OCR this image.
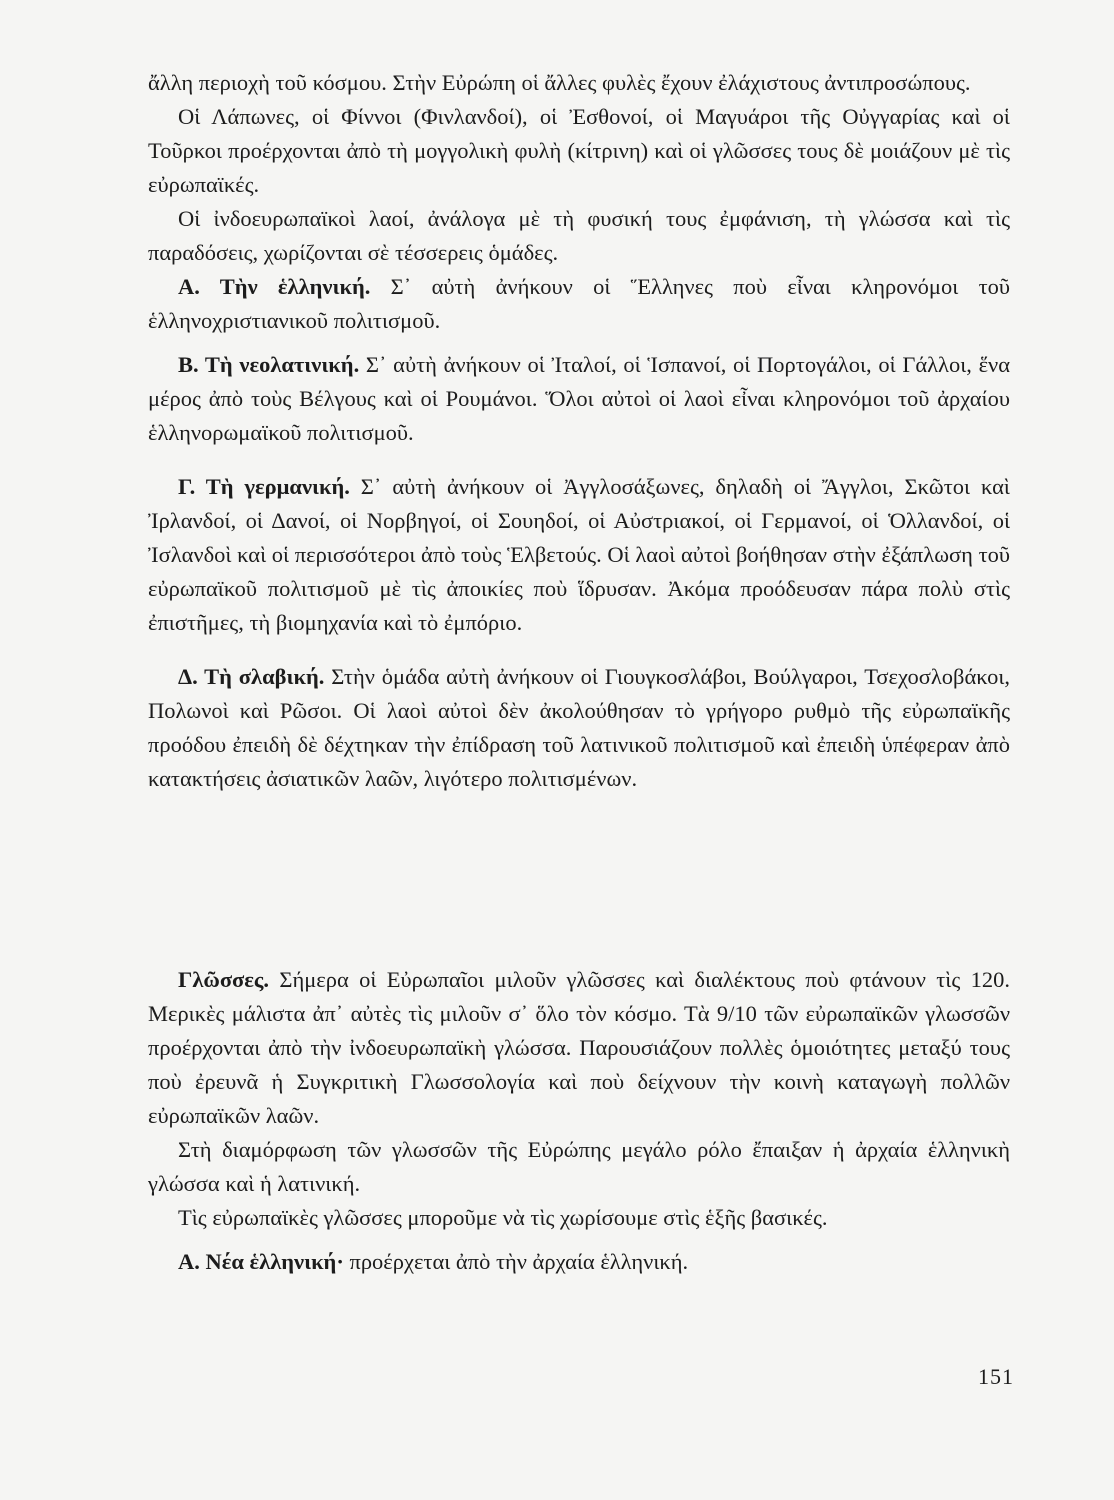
ἄλλη περιοχὴ τοῦ κόσμου. Στὴν Εὐρώπη οἱ ἄλλες φυλὲς ἔχουν ἐλάχιστους ἀντιπροσώπους.

Οἱ Λάπωνες, οἱ Φίννοι (Φινλανδοί), οἱ Ἐσθονοί, οἱ Μαγυάροι τῆς Οὐγγαρίας καὶ οἱ Τοῦρκοι προέρχονται ἀπὸ τὴ μογγολικὴ φυλὴ (κίτρινη) καὶ οἱ γλῶσσες τους δὲ μοιάζουν μὲ τὶς εὐρωπαϊκές.

Οἱ ἰνδοευρωπαϊκοὶ λαοί, ἀνάλογα μὲ τὴ φυσική τους ἐμφάνιση, τὴ γλώσσα καὶ τὶς παραδόσεις, χωρίζονται σὲ τέσσερεις ὁμάδες.

Α. Τὴν ἑλληνική. Σ᾽ αὐτὴ ἀνήκουν οἱ Ἕλληνες ποὺ εἶναι κληρονόμοι τοῦ ἑλληνοχριστιανικοῦ πολιτισμοῦ.

Β. Τὴ νεολατινική. Σ᾽ αὐτὴ ἀνήκουν οἱ Ἰταλοί, οἱ Ἱσπανοί, οἱ Πορτογάλοι, οἱ Γάλλοι, ἕνα μέρος ἀπὸ τοὺς Βέλγους καὶ οἱ Ρουμάνοι. Ὅλοι αὐτοὶ οἱ λαοὶ εἶναι κληρονόμοι τοῦ ἀρχαίου ἑλληνορωμαϊκοῦ πολιτισμοῦ.

Γ. Τὴ γερμανική. Σ᾽ αὐτὴ ἀνήκουν οἱ Ἀγγλοσάξωνες, δηλαδὴ οἱ Ἄγγλοι, Σκῶτοι καὶ Ἰρλανδοί, οἱ Δανοί, οἱ Νορβηγοί, οἱ Σουηδοί, οἱ Αὐστριακοί, οἱ Γερμανοί, οἱ Ὁλλανδοί, οἱ Ἰσλανδοὶ καὶ οἱ περισσότεροι ἀπὸ τοὺς Ἑλβετούς. Οἱ λαοὶ αὐτοὶ βοήθησαν στὴν ἐξάπλωση τοῦ εὐρωπαϊκοῦ πολιτισμοῦ μὲ τὶς ἀποικίες ποὺ ἵδρυσαν. Ἀκόμα προόδευσαν πάρα πολὺ στὶς ἐπιστῆμες, τὴ βιομηχανία καὶ τὸ ἐμπόριο.

Δ. Τὴ σλαβική. Στὴν ὁμάδα αὐτὴ ἀνήκουν οἱ Γιουγκοσλάβοι, Βούλγαροι, Τσεχοσλοβάκοι, Πολωνοὶ καὶ Ρῶσοι. Οἱ λαοὶ αὐτοὶ δὲν ἀκολούθησαν τὸ γρήγορο ρυθμὸ τῆς εὐρωπαϊκῆς προόδου ἐπειδὴ δὲ δέχτηκαν τὴν ἐπίδραση τοῦ λατινικοῦ πολιτισμοῦ καὶ ἐπειδὴ ὑπέφεραν ἀπὸ κατακτήσεις ἀσιατικῶν λαῶν, λιγότερο πολιτισμένων.

Γλῶσσες. Σήμερα οἱ Εὐρωπαῖοι μιλοῦν γλῶσσες καὶ διαλέκτους ποὺ φτάνουν τὶς 120. Μερικὲς μάλιστα ἀπ᾽ αὐτὲς τὶς μιλοῦν σ᾽ ὅλο τὸν κόσμο. Τὰ 9/10 τῶν εὐρωπαϊκῶν γλωσσῶν προέρχονται ἀπὸ τὴν ἰνδοευρωπαϊκὴ γλώσσα. Παρουσιάζουν πολλὲς ὁμοιότητες μεταξύ τους ποὺ ἐρευνᾶ ἡ Συγκριτικὴ Γλωσσολογία καὶ ποὺ δείχνουν τὴν κοινὴ καταγωγὴ πολλῶν εὐρωπαϊκῶν λαῶν.

Στὴ διαμόρφωση τῶν γλωσσῶν τῆς Εὐρώπης μεγάλο ρόλο ἔπαιξαν ἡ ἀρχαία ἑλληνικὴ γλώσσα καὶ ἡ λατινική.

Τὶς εὐρωπαϊκὲς γλῶσσες μποροῦμε νὰ τὶς χωρίσουμε στὶς ἑξῆς βασικές.

Α. Νέα ἑλληνική· προέρχεται ἀπὸ τὴν ἀρχαία ἑλληνική.

151
